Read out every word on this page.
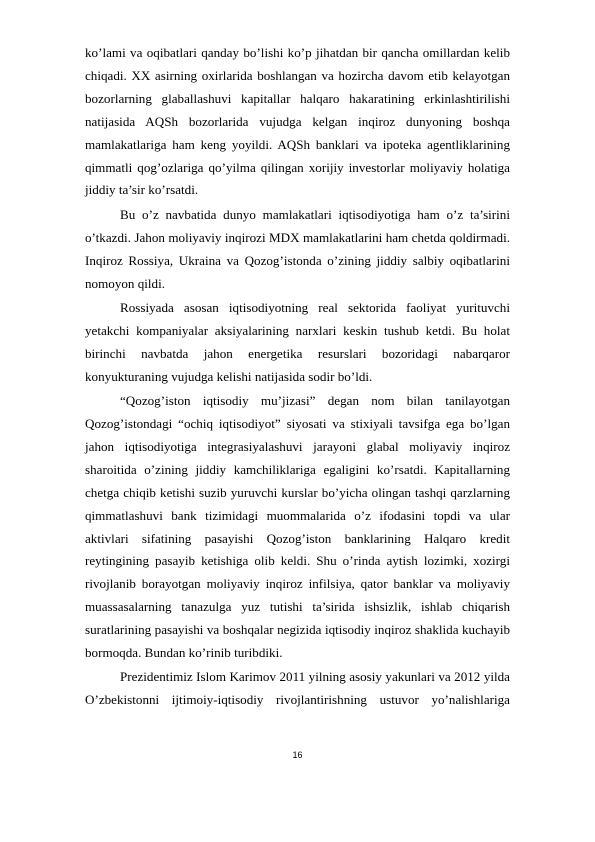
ko’lami va oqibatlari qanday bo’lishi ko’p jihatdan bir qancha omillardan kelib chiqadi. XX asirning oxirlarida boshlangan va hozircha davom etib kelayotgan bozorlarning glaballashuvi kapitallar halqaro hakaratining erkinlashtirilishi natijasida AQSh bozorlarida vujudga kelgan inqiroz dunyoning boshqa mamlakatlariga ham keng yoyildi. AQSh banklari va ipoteka agentliklarining qimmatli qog’ozlariga qo’yilma qilingan xorijiy investorlar moliyaviy holatiga jiddiy ta’sir ko’rsatdi.

Bu o’z navbatida dunyo mamlakatlari iqtisodiyotiga ham o’z ta’sirini o’tkazdi. Jahon moliyaviy inqirozi MDX mamlakatlarini ham chetda qoldirmadi. Inqiroz Rossiya, Ukraina va Qozog’istonda o’zining jiddiy salbiy oqibatlarini nomoyon qildi.

Rossiyada asosan iqtisodiyotning real sektorida faoliyat yurituvchi yetakchi kompaniyalar aksiyalarining narxlari keskin tushub ketdi. Bu holat birinchi navbatda jahon energetika resurslari bozoridagi nabarqaror konyukturaning vujudga kelishi natijasida sodir bo’ldi.

“Qozog’iston iqtisodiy mu’jizasi” degan nom bilan tanilayotgan Qozog’istondagi “ochiq iqtisodiyot” siyosati va stixiyali tavsifga ega bo’lgan jahon iqtisodiyotiga integrasiyalashuvi jarayoni glabal moliyaviy inqiroz sharoitida o’zining jiddiy kamchiliklariga egaligini ko’rsatdi. Kapitallarning chetga chiqib ketishi suzib yuruvchi kurslar bo’yicha olingan tashqi qarzlarning qimmatlashuvi bank tizimidagi muommalarida o’z ifodasini topdi va ular aktivlari sifatining pasayishi Qozog’iston banklarining Halqaro kredit reytingining pasayib ketishiga olib keldi. Shu o’rinda aytish lozimki, xozirgi rivojlanib borayotgan moliyaviy inqiroz infilsiya, qator banklar va moliyaviy muassasalarning tanazulga yuz tutishi ta’sirida ishsizlik, ishlab chiqarish suratlarining pasayishi va boshqalar negizida iqtisodiy inqiroz shaklida kuchayib bormoqda. Bundan ko’rinib turibdiki.

Prezidentimiz Islom Karimov 2011 yilning asosiy yakunlari va 2012 yilda O’zbekistonni ijtimoiy-iqtisodiy rivojlantirishning ustuvor yo’nalishlariga

16
